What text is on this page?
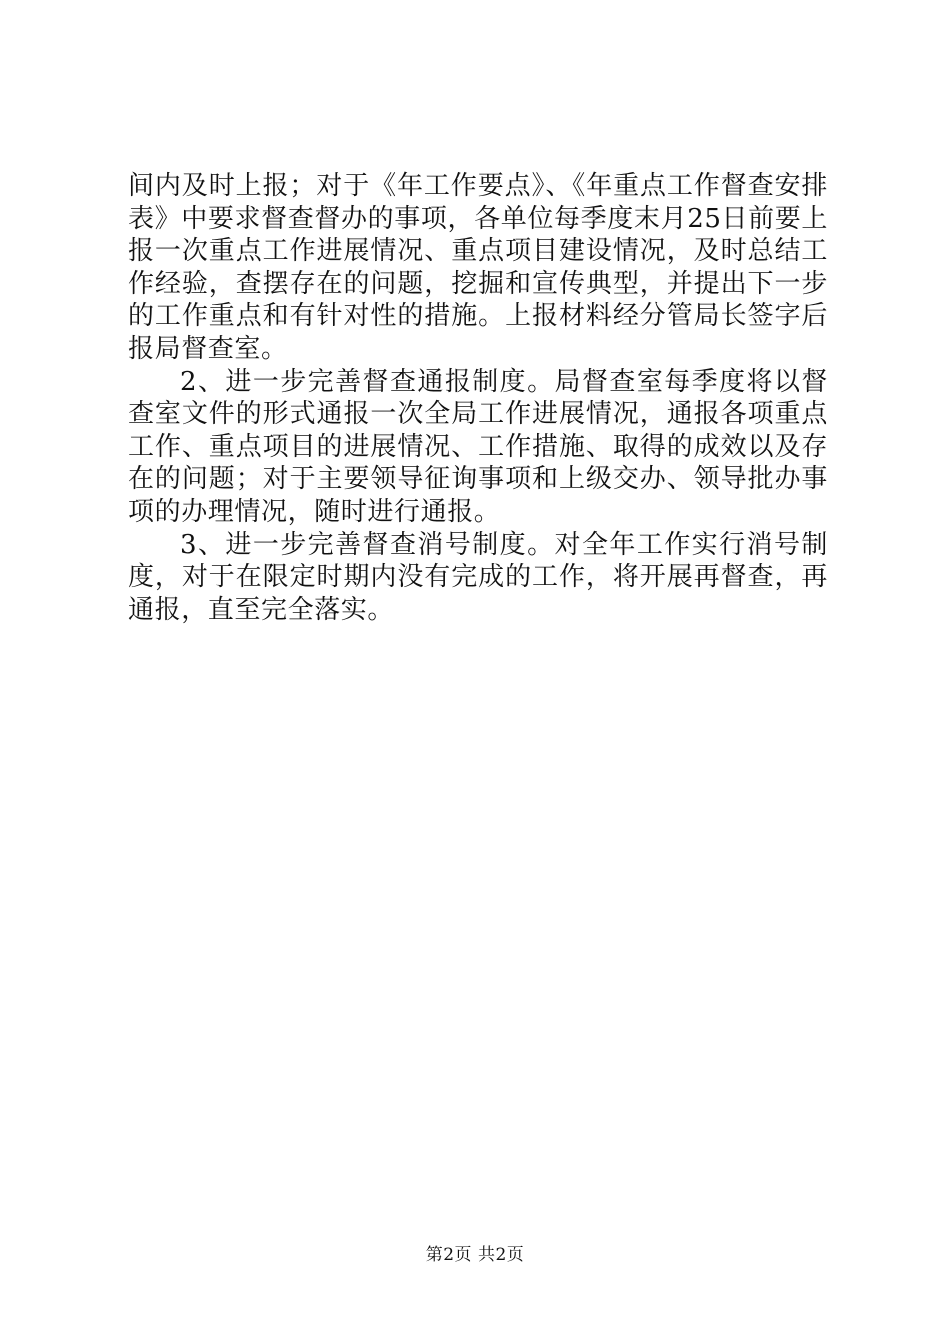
间内及时上报；对于《年工作要点》、《年重点工作督查安排表》中要求督查督办的事项，各单位每季度末月25日前要上报一次重点工作进展情况、重点项目建设情况，及时总结工作经验，查摆存在的问题，挖掘和宣传典型，并提出下一步的工作重点和有针对性的措施。上报材料经分管局长签字后报局督查室。

2、进一步完善督查通报制度。局督查室每季度将以督查室文件的形式通报一次全局工作进展情况，通报各项重点工作、重点项目的进展情况、工作措施、取得的成效以及存在的问题；对于主要领导征询事项和上级交办、领导批办事项的办理情况，随时进行通报。

3、进一步完善督查消号制度。对全年工作实行消号制度，对于在限定时期内没有完成的工作，将开展再督查，再通报，直至完全落实。

第2页 共2页
